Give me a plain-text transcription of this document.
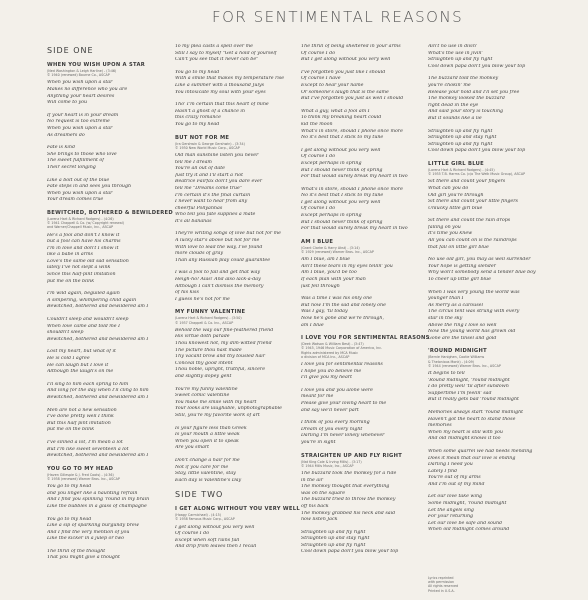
FOR SENTIMENTAL REASONS
SIDE ONE
WHEN YOU WISH UPON A STAR
(Ned Washington & Leigh Harline) - (3:46)
© 1940 (renewed) Bourne Co., ASCAP
When you wish upon a star
Makes no difference who you are
Anything your heart desires
Will come to you
If your heart is in your dream
No request is too extreme
When you wish upon a star
As dreamers do
Fate is kind
She brings to those who love
The sweet fulfillment of
Their secret longing
Like a bolt out of the blue
Fate steps in and sees you through
When you wish upon a star
Your dream comes true
BEWITCHED, BOTHERED & BEWILDERED
(Lorenz Hart & Richard Rodgers) - (4:26)
© 1941 Chappell & Co. (w/ Copyright renewal)
and Warner/Chappell Music, Inc., ASCAP
He's a fool and don't I know it
but a fool can have his charms
I'm in love and don't I show it
like a babe in arms
Love's the same old sad sensation
lately I've not slept a wink
Since this half-pint imitation
put me on the blink
I'm wild again, beguiled again
A simpering, whimpering child again
Bewitched, bothered and bewildered am I
Couldn't sleep and wouldn't sleep
When love came and told me I
shouldn't sleep
Bewitched, bothered and bewildered am I
Lost my heart, but what of it
He is cold I agree
He can laugh but I love it
Although the laugh's on me
I'll sing to him each spring to him
And long for the day when I'll cling to him
Bewitched, bothered and bewildered am I
Men are not a new sensation
I've done pretty well I think
But this half pint imitation
put me on the blink
I've sinned a lot, I'm mean a lot
But I'm like sweet seventeen a lot
Bewitched, bothered and bewildered am I
YOU GO TO MY HEAD
(Haven Gillespie & J. Fred Coots) - (4:36)
© 1938 (renewed) Warner Bros. Inc., ASCAP
You go to my head
and you linger like a haunting refrain
And I find you spinning 'round in my brain
Like the bubbles in a glass of champagne
You go to my head
Like a sip of sparkling burgundy brew
And I find the very mention of you
Like the kicker in a julep or two
The thrill of the thought
That you might give a thought
To my plea casts a spell over me
Still I say to myself "Get a hold of yourself
Can't you see that it never can be"
You go to my head
With a smile that makes my temperature rise
Like a summer with a thousand Julys
You intoxicate my soul with your eyes
Tho' I'm certain that this heart of mine
Hasn't a ghost of a chance in
this crazy romance
You go to my head
BUT NOT FOR ME
(Ira Gershwin & George Gershwin) - (3:34)
© 1930 New World Music Corp., ASCAP
Old man sunshine listen you never
tell me I dream
You're all out of date
Just try it and I'll start a riot
Beatrice Fairfax don't you dare ever
tell me "Dreams come true"
I'm certain it's the final curtain
I never want to hear from any
cheerful Pollyannas
Who tell you fate supplies a mate
It's all bananas
They're writing songs of love but not for me
A lucky star's above but not for me
With love to lead the way, I've found
more clouds of gray
Than any Russian play could guarantee
I was a fool to fall and get that way
Heigh-ho! Alas! And also lack-a-day
Although I can't dismiss the memory
of his kiss
I guess he's not for me
MY FUNNY VALENTINE
(Lorenz Hart & Richard Rodgers) - (3:50)
© 1937 Chappell & Co. Inc., ASCAP
Behold the way our fine-feathered friend
His virtue doth parade
Thou knowest not, my dim-witted friend
The picture thou hast made
Thy vacant brow and thy tousled hair
Conceal thy good intent
Thou noble, upright, truthful, sincere
and slightly dopey gent
You're my funny valentine
Sweet comic valentine
You make me smile with my heart
Your looks are laughable, unphotographable
Still, you're my favorite work of art
Is your figure less than Greek
Is your mouth a little weak
When you open it to speak
Are you smart
Don't change a hair for me
Not if you care for me
Stay, little valentine, stay
Each day is Valentine's Day
SIDE TWO
I GET ALONG WITHOUT YOU VERY WELL
(Hoagy Carmichael) - (4:15)
© 1938 Famous Music Corp., ASCAP
I get along without you very well
Of course I do
Except when soft rains fall
And drip from leaves then I recall
The thrill of being sheltered in your arms
Of course I do
But I get along without you very well
I've forgotten you just like I should
Of course I have
Except to hear your name
Or someone's laugh that is the same
But I've forgotten you just as well I should
What a guy, what a fool am I
To think my breaking heart could
kid the moon
What's in store, should I phone once more
No it's best that I stick to my tune
I get along without you very well
Of course I do
Except perhaps in spring
But I should never think of spring
For that would surely break my heart in two
What's in store, should I phone once more
No it's best that I stick to my tune
I get along without you very well
Of course I do
Except perhaps in spring
But I should never think of spring
For that would surely break my heart in two
AM I BLUE
(Grant Clarke & Harry Akst) - (3:14)
© 1929 (renewed) Warner Bros. Inc., ASCAP
Am I blue, am I blue
Ain't these tears in my eyes tellin' you
Am I blue, you'd be too
If each plan with your man
just fell through
Was a time I was his only one
But now I'm the sad and lonely one
Was I gay, 'til today
Now he's gone and we're through,
am I blue
I LOVE YOU FOR SENTIMENTAL REASONS
(Deek Watson & William Best) - (3:47)
© 1945, 1946 Music Corporation of America, Inc.
Rights administered by MCA Music
a division of MCA Inc., ASCAP
I love you for sentimental reasons
I hope you do believe me
I'll give you my heart
I love you and you alone were
meant for me
Please give your loving heart to me
and say we'll never part
I think of you every morning
Dream of you every night
Darling I'm never lonely whenever
you're in sight
STRAIGHTEN UP AND FLY RIGHT
(Nat King Cole & Irving Mills) - (3:17)
© 1944 Mills Music, Inc., ASCAP
The buzzard took the monkey for a ride
in the air
The monkey thought that everything
was on the square
The buzzard tried to throw the monkey
off his back
The monkey grabbed his neck and said
now listen Jack
Straighten up and fly right
Straighten up and stay right
Straighten up and fly right
Cool down papa don't you blow your top
Ain't no use in divin'
What's the use in jivin'
Straighten up and fly right
Cool down papa don't you blow your top
The buzzard told the monkey
you're chokin' me
Release your hold and I'll set you free
The monkey looked the buzzard
right dead in the eye
And said your story is touching
But it sounds like a lie
Straighten up and fly right
Straighten up and stay right
Straighten up and fly right
Cool down papa don't you blow your top
LITTLE GIRL BLUE
(Lorenz Hart & Richard Rodgers) - (4:45)
© 1935 T.B. Harms Co. (c/o The Welk Music Group), ASCAP
Sit there and count your fingers
What can you do
Old girl you're through
Sit there and count your little fingers
Unlucky little girl blue
Sit there and count the rain drops
falling on you
It's time you knew
All you can count on is the raindrops
that fall on little girl blue
No use old girl, you may as well surrender
Your hope is getting slender
Why won't somebody send a tender blue boy
To cheer up little girl blue
When I was very young the world was
younger than I
As merry as a carousel
The circus tent was strung with every
star in the sky
Above the ring I love so well
Now the young world has grown old
Gone are the tinsel and gold
'ROUND MIDNIGHT
(Bernie Hanighen, Cootie Williams
& Thelonious Monk) - (4:09)
© 1944 (renewed) Warner Bros. Inc., ASCAP
It begins to tell
'Round midnight, 'round midnight
I do pretty well 'til after sundown
Suppertime I'm feelin' sad
But it really gets bad 'round midnight
Memories always start 'round midnight
Haven't got the heart to stand those
memories
When my heart is still with you
And old midnight knows it too
When some quarrel we had needs mending
Does it mean that our love is ending
Darling I need you
Lately I find
You're out of my arms
And I'm out of my mind
Let our love take wing
Some midnight, 'round midnight
Let the angels sing
For your returning
Let our love be safe and sound
When old midnight comes around
Lyrics reprinted
with permission
All rights reserved
Printed in U.S.A.
